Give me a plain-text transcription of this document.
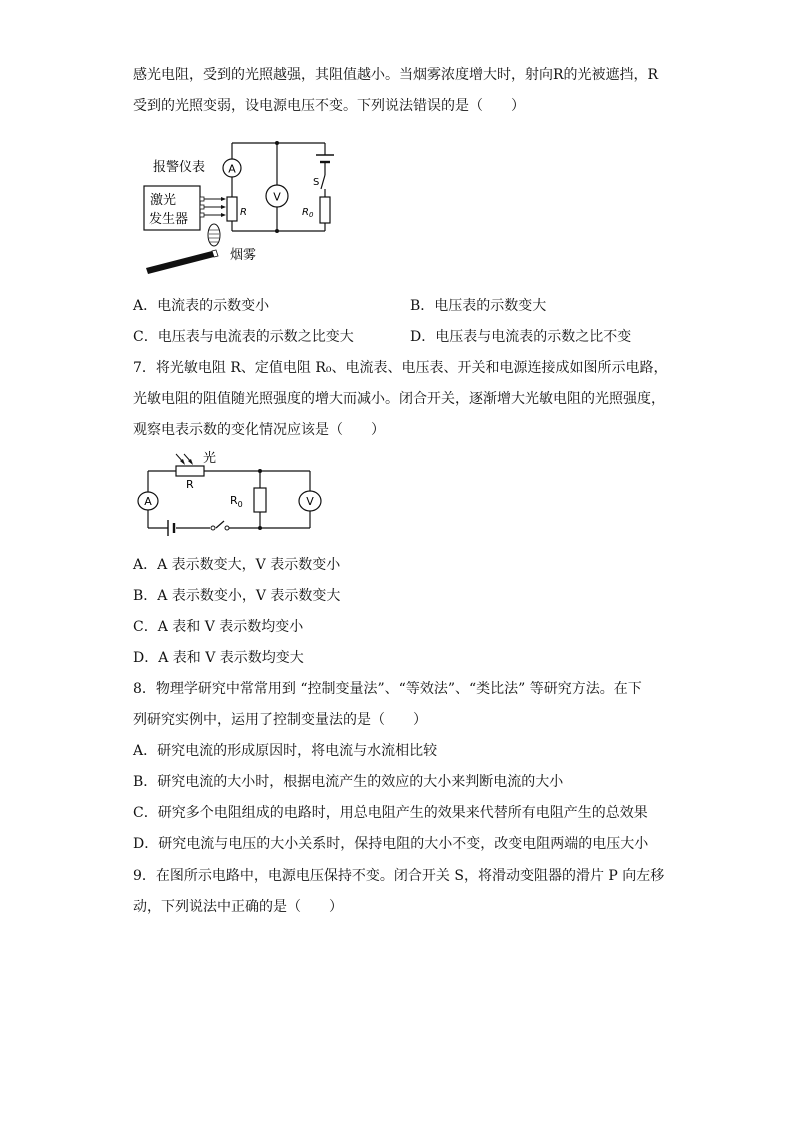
感光电阻，受到的光照越强，其阻值越小。当烟雾浓度增大时，射向R的光被遮挡，R
受到的光照变弱，设电源电压不变。下列说法错误的是（　　）
A
V
R	$R_0$
S
报警仪表
激光
发生器
烟雾
A．电流表的示数变小	B．电压表的示数变大
C．电压表与电流表的示数之比变大	D．电压表与电流表的示数之比不变
7．将光敏电阻 R、定值电阻 R₀、电流表、电压表、开关和电源连接成如图所示电路，
光敏电阻的阻值随光照强度的增大而减小。闭合开关，逐渐增大光敏电阻的光照强度，
观察电表示数的变化情况应该是（　　）
R
光
$R_0$
A	V
A．A 表示数变大，V 表示数变小
B．A 表示数变小，V 表示数变大
C．A 表和 V 表示数均变小
D．A 表和 V 表示数均变大
8．物理学研究中常常用到 “控制变量法”、“等效法”、“类比法” 等研究方法。在下
列研究实例中，运用了控制变量法的是（　　）
A．研究电流的形成原因时，将电流与水流相比较
B．研究电流的大小时，根据电流产生的效应的大小来判断电流的大小
C．研究多个电阻组成的电路时，用总电阻产生的效果来代替所有电阻产生的总效果
D．研究电流与电压的大小关系时，保持电阻的大小不变，改变电阻两端的电压大小
9．在图所示电路中，电源电压保持不变。闭合开关 S，将滑动变阻器的滑片 P 向左移
动，下列说法中正确的是（　　）
